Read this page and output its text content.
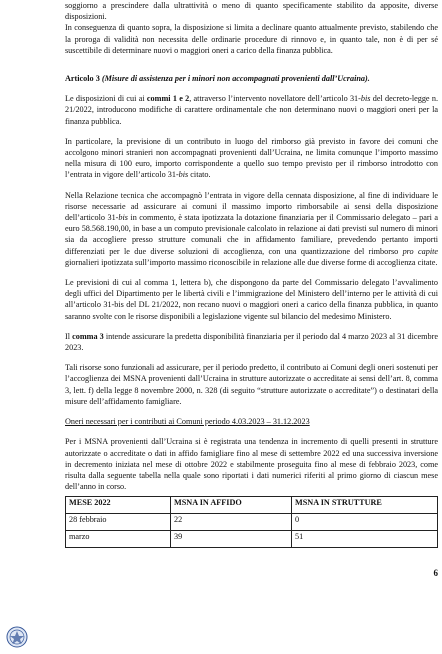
soggiorno a prescindere dalla ultrattività o meno di quanto specificamente stabilito da apposite, diverse disposizioni.

In conseguenza di quanto sopra, la disposizione si limita a declinare quanto attualmente previsto, stabilendo che la proroga di validità non necessita delle ordinarie procedure di rinnovo e, in quanto tale, non è di per sé suscettibile di determinare nuovi o maggiori oneri a carico della finanza pubblica.

Articolo 3 (Misure di assistenza per i minori non accompagnati provenienti dall’Ucraina).

Le disposizioni di cui ai commi 1 e 2, attraverso l’intervento novellatore dell’articolo 31-bis del decreto-legge n. 21/2022, introducono modifiche di carattere ordinamentale che non determinano nuovi o maggiori oneri per la finanza pubblica.

In particolare, la previsione di un contributo in luogo del rimborso già previsto in favore dei comuni che accolgono minori stranieri non accompagnati provenienti dall’Ucraina, ne limita comunque l’importo massimo nella misura di 100 euro, importo corrispondente a quello suo tempo previsto per il rimborso introdotto con l’entrata in vigore dell’articolo 31-bis citato.

Nella Relazione tecnica che accompagnò l’entrata in vigore della cennata disposizione, al fine di individuare le risorse necessarie ad assicurare ai comuni il massimo importo rimborsabile ai sensi della disposizione dell’articolo 31-bis in commento, è stata ipotizzata la dotazione finanziaria per il Commissario delegato – pari a euro 58.568.190,00, in base a un computo previsionale calcolato in relazione ai dati previsti sul numero di minori sia da accogliere presso strutture comunali che in affidamento familiare, prevedendo pertanto importi differenziati per le due diverse soluzioni di accoglienza, con una quantizzazione del rimborso pro capite giornalieri ipotizzata sull’importo massimo riconoscibile in relazione alle due diverse forme di accoglienza citate.

Le previsioni di cui al comma 1, lettera b), che dispongono da parte del Commissario delegato l’avvalimento degli uffici del Dipartimento per le libertà civili e l’immigrazione del Ministero dell’interno per le attività di cui all’articolo 31-bis del DL 21/2022, non recano nuovi o maggiori oneri a carico della finanza pubblica, in quanto saranno svolte con le risorse disponibili a legislazione vigente sul bilancio del medesimo Ministero.

Il comma 3 intende assicurare la predetta disponibilità finanziaria per il periodo dal 4 marzo 2023 al 31 dicembre 2023.

Tali risorse sono funzionali ad assicurare, per il periodo predetto, il contributo ai Comuni degli oneri sostenuti per l’accoglienza dei MSNA provenienti dall’Ucraina in strutture autorizzate o accreditate ai sensi dell’art. 8, comma 3, lett. f) della legge 8 novembre 2000, n. 328 (di seguito “strutture autorizzate o accreditate”) o destinatari della misure dell’affidamento famigliare.

Oneri necessari per i contributi ai Comuni periodo 4.03.2023 – 31.12.2023

Per i MSNA provenienti dall’Ucraina si è registrata una tendenza in incremento di quelli presenti in strutture autorizzate o accreditate o dati in affido famigliare fino al mese di settembre 2022 ed una successiva inversione in decremento iniziata nel mese di ottobre 2022 e stabilmente proseguita fino al mese di febbraio 2023, come risulta dalla seguente tabella nella quale sono riportati i dati numerici riferiti al primo giorno di ciascun mese dell’anno in corso.

MESE 2022	MSNA IN AFFIDO	MSNA IN STRUTTURE
28 febbraio	22	0
marzo	39	51
6
